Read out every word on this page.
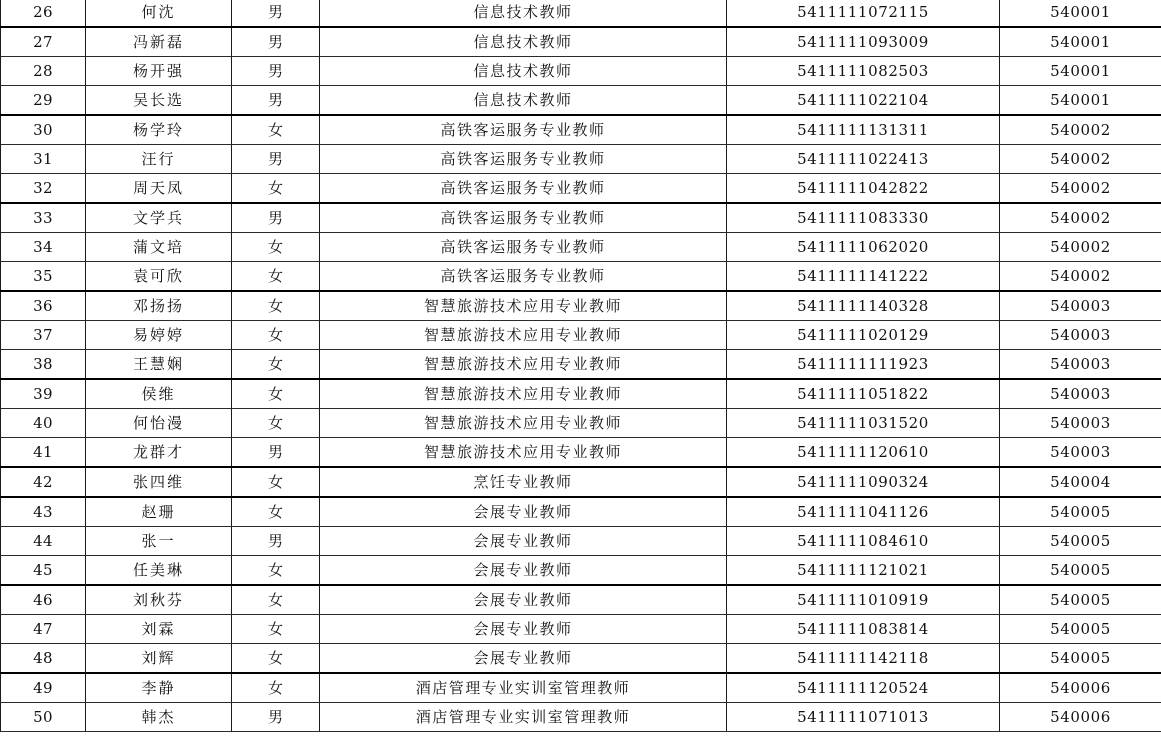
26	何沈	男	信息技术教师	5411111072115	540001
27	冯新磊	男	信息技术教师	5411111093009	540001
28	杨开强	男	信息技术教师	5411111082503	540001
29	吴长选	男	信息技术教师	5411111022104	540001
30	杨学玲	女	高铁客运服务专业教师	5411111131311	540002
31	汪行	男	高铁客运服务专业教师	5411111022413	540002
32	周天凤	女	高铁客运服务专业教师	5411111042822	540002
33	文学兵	男	高铁客运服务专业教师	5411111083330	540002
34	蒲文培	女	高铁客运服务专业教师	5411111062020	540002
35	袁可欣	女	高铁客运服务专业教师	5411111141222	540002
36	邓扬扬	女	智慧旅游技术应用专业教师	5411111140328	540003
37	易婷婷	女	智慧旅游技术应用专业教师	5411111020129	540003
38	王慧娴	女	智慧旅游技术应用专业教师	5411111111923	540003
39	侯维	女	智慧旅游技术应用专业教师	5411111051822	540003
40	何怡漫	女	智慧旅游技术应用专业教师	5411111031520	540003
41	龙群才	男	智慧旅游技术应用专业教师	5411111120610	540003
42	张四维	女	烹饪专业教师	5411111090324	540004
43	赵珊	女	会展专业教师	5411111041126	540005
44	张一	男	会展专业教师	5411111084610	540005
45	任美琳	女	会展专业教师	5411111121021	540005
46	刘秋芬	女	会展专业教师	5411111010919	540005
47	刘霖	女	会展专业教师	5411111083814	540005
48	刘辉	女	会展专业教师	5411111142118	540005
49	李静	女	酒店管理专业实训室管理教师	5411111120524	540006
50	韩杰	男	酒店管理专业实训室管理教师	5411111071013	540006
